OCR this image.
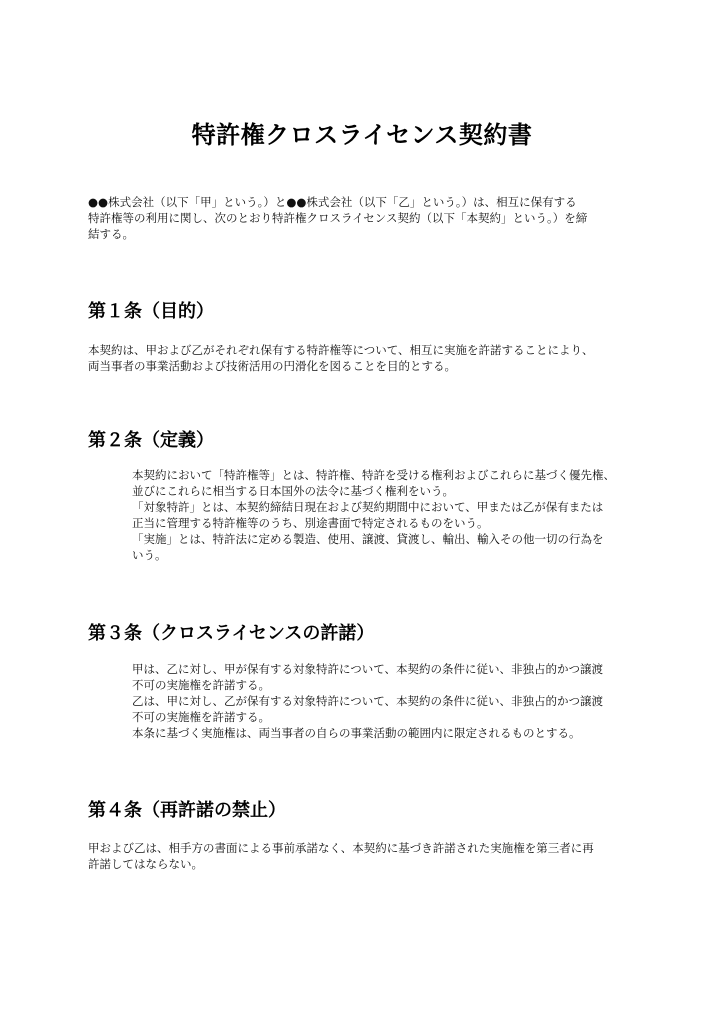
特許権クロスライセンス契約書
●●株式会社（以下「甲」という。）と●●株式会社（以下「乙」という。）は、相互に保有する
特許権等の利用に関し、次のとおり特許権クロスライセンス契約（以下「本契約」という。）を締
結する。
第１条（目的）
本契約は、甲および乙がそれぞれ保有する特許権等について、相互に実施を許諾することにより、
両当事者の事業活動および技術活用の円滑化を図ることを目的とする。
第２条（定義）
本契約において「特許権等」とは、特許権、特許を受ける権利およびこれらに基づく優先権、
並びにこれらに相当する日本国外の法令に基づく権利をいう。
「対象特許」とは、本契約締結日現在および契約期間中において、甲または乙が保有または
正当に管理する特許権等のうち、別途書面で特定されるものをいう。
「実施」とは、特許法に定める製造、使用、譲渡、貸渡し、輸出、輸入その他一切の行為を
いう。
第３条（クロスライセンスの許諾）
甲は、乙に対し、甲が保有する対象特許について、本契約の条件に従い、非独占的かつ譲渡
不可の実施権を許諾する。
乙は、甲に対し、乙が保有する対象特許について、本契約の条件に従い、非独占的かつ譲渡
不可の実施権を許諾する。
本条に基づく実施権は、両当事者の自らの事業活動の範囲内に限定されるものとする。
第４条（再許諾の禁止）
甲および乙は、相手方の書面による事前承諾なく、本契約に基づき許諾された実施権を第三者に再
許諾してはならない。
